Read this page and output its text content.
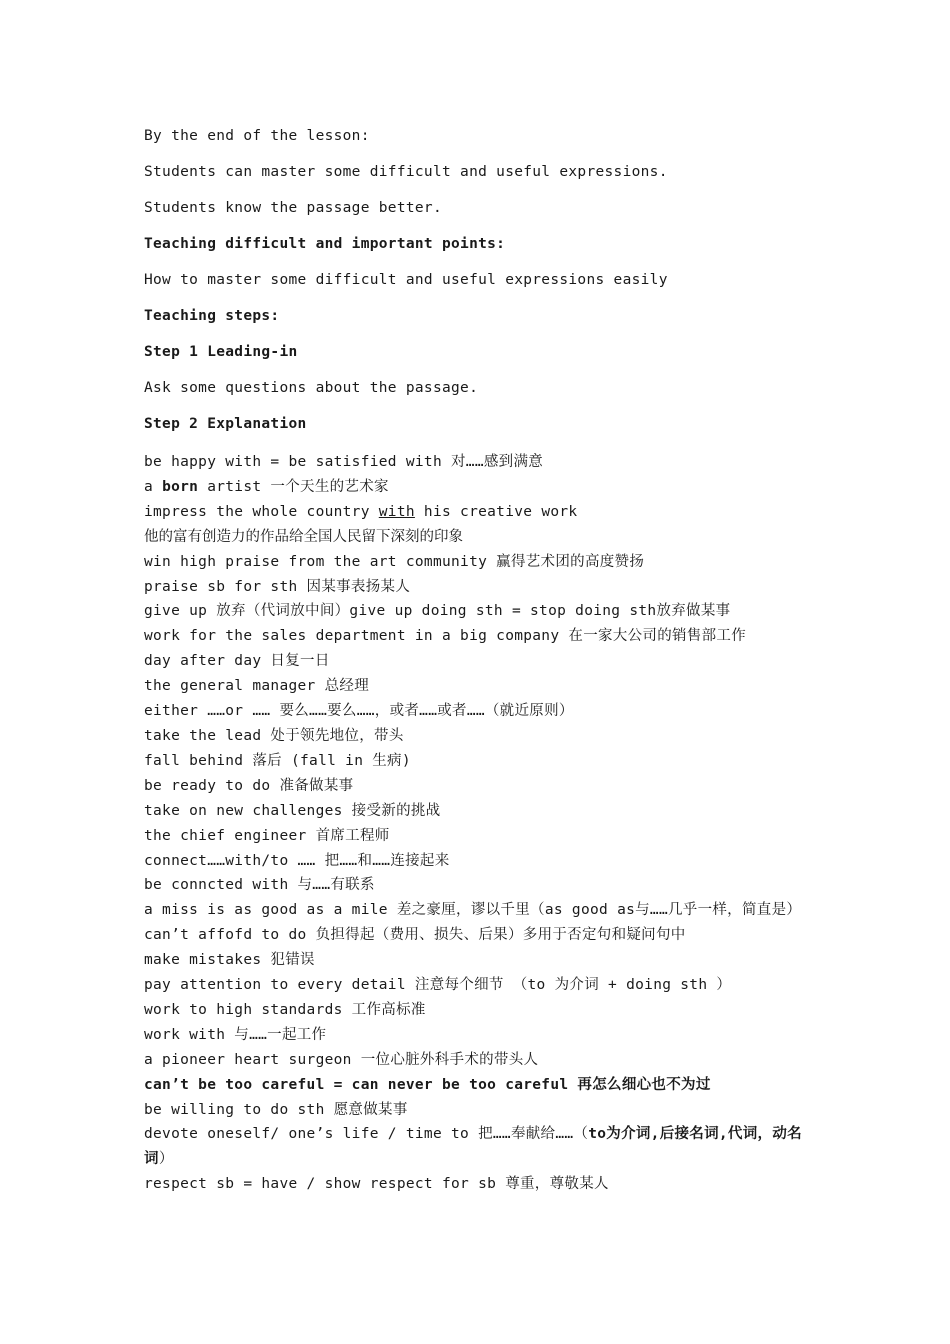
By the end of the lesson:

Students can master some difficult and useful expressions.

Students know the passage better.

Teaching difficult and important points:

How to master some difficult and useful expressions easily

Teaching steps:

Step 1 Leading-in

Ask some questions about the passage.

Step 2 Explanation

be happy with = be satisfied with 对……感到满意
a born artist 一个天生的艺术家
impress the whole country with his creative work
他的富有创造力的作品给全国人民留下深刻的印象
win high praise from the art community 赢得艺术团的高度赞扬
praise sb for sth 因某事表扬某人
give up 放弃（代词放中间）give up doing sth = stop doing sth放弃做某事
work for the sales department in a big company 在一家大公司的销售部工作
day after day 日复一日
the general manager 总经理
either ……or …… 要么……要么……，或者……或者……（就近原则）
take the lead 处于领先地位，带头
fall behind 落后 (fall in 生病)
be ready to do 准备做某事
take on new challenges 接受新的挑战
the chief engineer 首席工程师
connect……with/to …… 把……和……连接起来
be conncted with 与……有联系
a miss is as good as a mile 差之豪厘，谬以千里（as good as与……几乎一样，简直是）
can’t affofd to do 负担得起（费用、损失、后果）多用于否定句和疑问句中
make mistakes 犯错误
pay attention to every detail 注意每个细节 （to 为介词 + doing sth ）
work to high standards 工作高标准
work with 与……一起工作
a pioneer heart surgeon 一位心脏外科手术的带头人
can’t be too careful = can never be too careful 再怎么细心也不为过
be willing to do sth 愿意做某事
devote oneself/ one’s life / time to 把……奉献给……（to为介词,后接名词,代词，动名词）
respect sb = have / show respect for sb 尊重，尊敬某人
